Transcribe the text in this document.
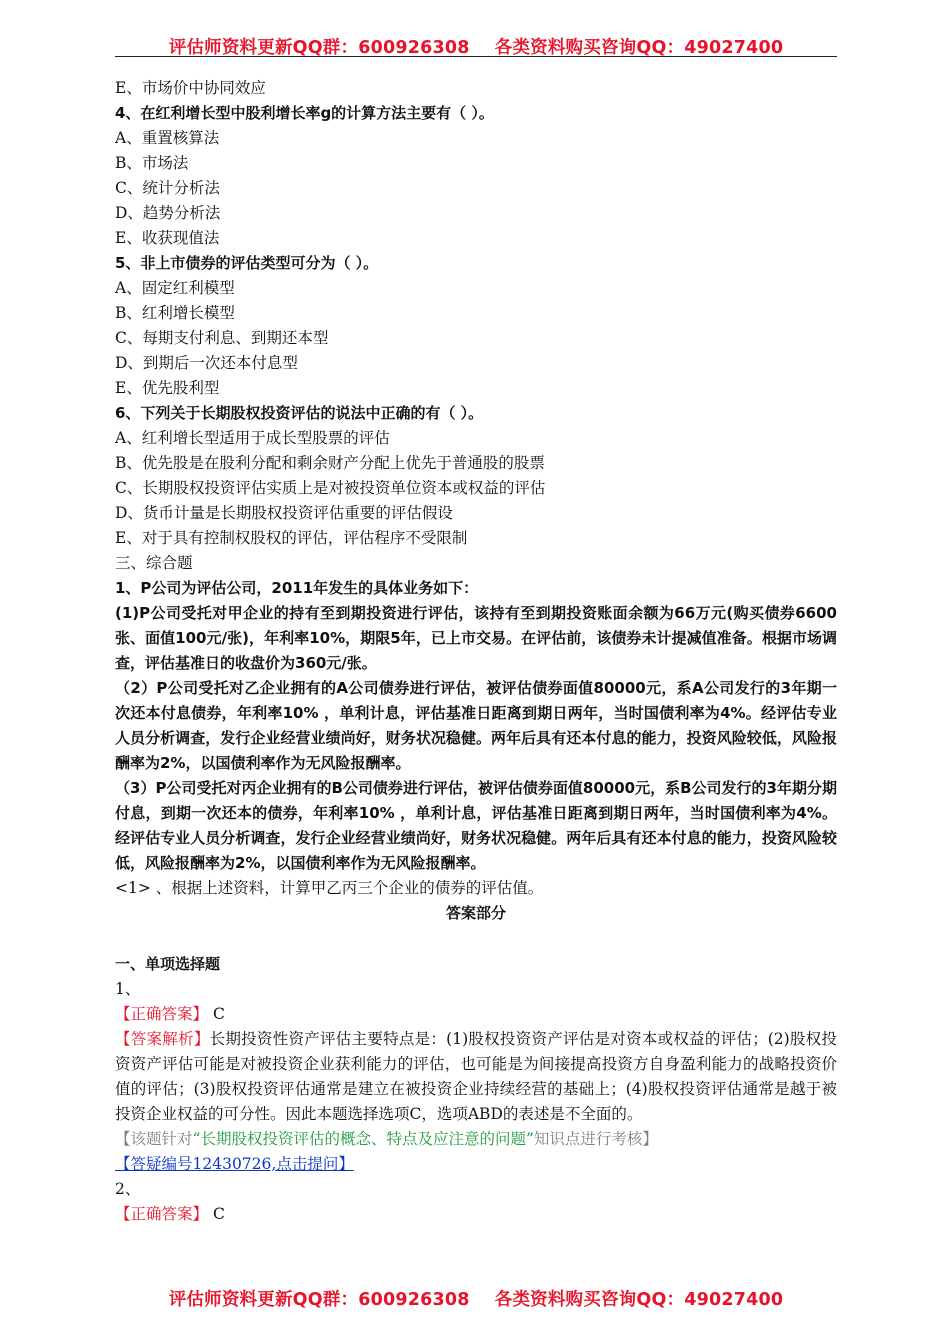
评估师资料更新QQ群：600926308    各类资料购买咨询QQ：49027400
E、市场价中协同效应
4、在红利增长型中股利增长率g的计算方法主要有（ ）。
A、重置核算法
B、市场法
C、统计分析法
D、趋势分析法
E、收获现值法
5、非上市债券的评估类型可分为（ ）。
A、固定红利模型
B、红利增长模型
C、每期支付利息、到期还本型
D、到期后一次还本付息型
E、优先股利型
6、下列关于长期股权投资评估的说法中正确的有（ ）。
A、红利增长型适用于成长型股票的评估
B、优先股是在股利分配和剩余财产分配上优先于普通股的股票
C、长期股权投资评估实质上是对被投资单位资本或权益的评估
D、货币计量是长期股权投资评估重要的评估假设
E、对于具有控制权股权的评估，评估程序不受限制
三、综合题
1、P公司为评估公司，2011年发生的具体业务如下：
(1)P公司受托对甲企业的持有至到期投资进行评估，该持有至到期投资账面余额为66万元(购买债券6600张、面值100元/张)，年利率10%，期限5年，已上市交易。在评估前，该债券未计提减值准备。根据市场调查，评估基准日的收盘价为360元/张。
（2）P公司受托对乙企业拥有的A公司债券进行评估，被评估债券面值80000元，系A公司发行的3年期一次还本付息债券，年利率10% ，单利计息，评估基准日距离到期日两年，当时国债利率为4%。经评估专业人员分析调查，发行企业经营业绩尚好，财务状况稳健。两年后具有还本付息的能力，投资风险较低，风险报酬率为2%，以国债利率作为无风险报酬率。
（3）P公司受托对丙企业拥有的B公司债券进行评估，被评估债券面值80000元，系B公司发行的3年期分期付息，到期一次还本的债券，年利率10% ，单利计息，评估基准日距离到期日两年，当时国债利率为4%。经评估专业人员分析调查，发行企业经营业绩尚好，财务状况稳健。两年后具有还本付息的能力，投资风险较低，风险报酬率为2%，以国债利率作为无风险报酬率。
<1> 、根据上述资料，计算甲乙丙三个企业的债券的评估值。
答案部分
一、单项选择题
1、
【正确答案】 C
【答案解析】长期投资性资产评估主要特点是：(1)股权投资资产评估是对资本或权益的评估；(2)股权投资资产评估可能是对被投资企业获利能力的评估，也可能是为间接提高投资方自身盈利能力的战略投资价值的评估；(3)股权投资评估通常是建立在被投资企业持续经营的基础上；(4)股权投资评估通常是越于被投资企业权益的可分性。因此本题选择选项C，选项ABD的表述是不全面的。
【该题针对“长期股权投资评估的概念、特点及应注意的问题”知识点进行考核】
【答疑编号12430726,点击提问】
2、
【正确答案】 C
评估师资料更新QQ群：600926308    各类资料购买咨询QQ：49027400
